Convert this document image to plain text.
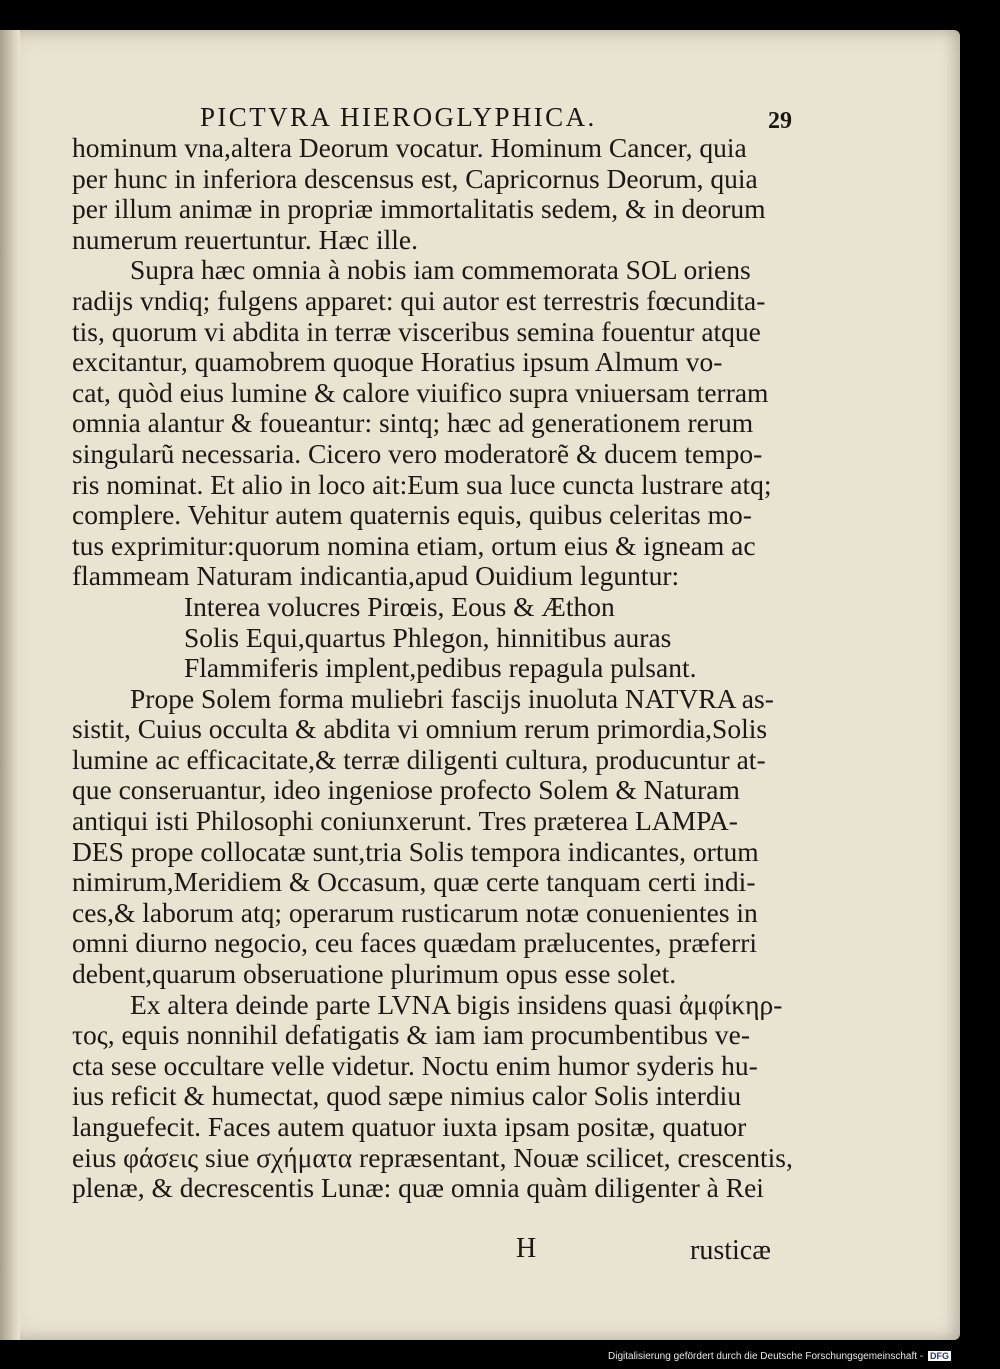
PICTVRA HIEROGLYPHICA.	29
hominum vna,altera Deorum vocatur. Hominum Cancer, quia
per hunc in inferiora descensus est, Capricornus Deorum, quia
per illum animæ in propriæ immortalitatis sedem, & in deorum
numerum reuertuntur. Hæc ille.
Supra hæc omnia à nobis iam commemorata SOL oriens
radijs vndiq; fulgens apparet: qui autor est terrestris fœcundita-
tis, quorum vi abdita in terræ visceribus semina fouentur atque
excitantur, quamobrem quoque Horatius ipsum Almum vo-
cat, quòd eius lumine & calore viuifico supra vniuersam terram
omnia alantur & foueantur: sintq; hæc ad generationem rerum
singularũ necessaria. Cicero vero moderatorẽ & ducem tempo-
ris nominat. Et alio in loco ait:Eum sua luce cuncta lustrare atq;
complere. Vehitur autem quaternis equis, quibus celeritas mo-
tus exprimitur:quorum nomina etiam, ortum eius & igneam ac
flammeam Naturam indicantia,apud Ouidium leguntur:
Interea volucres Pirœis, Eous & Æthon
Solis Equi,quartus Phlegon, hinnitibus auras
Flammiferis implent,pedibus repagula pulsant.
Prope Solem forma muliebri fascijs inuoluta NATVRA as-
sistit, Cuius occulta & abdita vi omnium rerum primordia,Solis
lumine ac efficacitate,& terræ diligenti cultura, producuntur at-
que conseruantur, ideo ingeniose profecto Solem & Naturam
antiqui isti Philosophi coniunxerunt. Tres præterea LAMPA-
DES prope collocatæ sunt,tria Solis tempora indicantes, ortum
nimirum,Meridiem & Occasum, quæ certe tanquam certi indi-
ces,& laborum atq; operarum rusticarum notæ conuenientes in
omni diurno negocio, ceu faces quædam prælucentes, præferri
debent,quarum obseruatione plurimum opus esse solet.
Ex altera deinde parte LVNA bigis insidens quasi ἀμφίκηρ-
τος, equis nonnihil defatigatis & iam iam procumbentibus ve-
cta sese occultare velle videtur. Noctu enim humor syderis hu-
ius reficit & humectat, quod sæpe nimius calor Solis interdiu
languefecit. Faces autem quatuor iuxta ipsam positæ, quatuor
eius φάσεις siue σχήματα repræsentant, Nouæ scilicet, crescentis,
plenæ, & decrescentis Lunæ: quæ omnia quàm diligenter à Rei
H	rusticæ
Digitalisierung gefördert durch die Deutsche Forschungsgemeinschaft - DFG
